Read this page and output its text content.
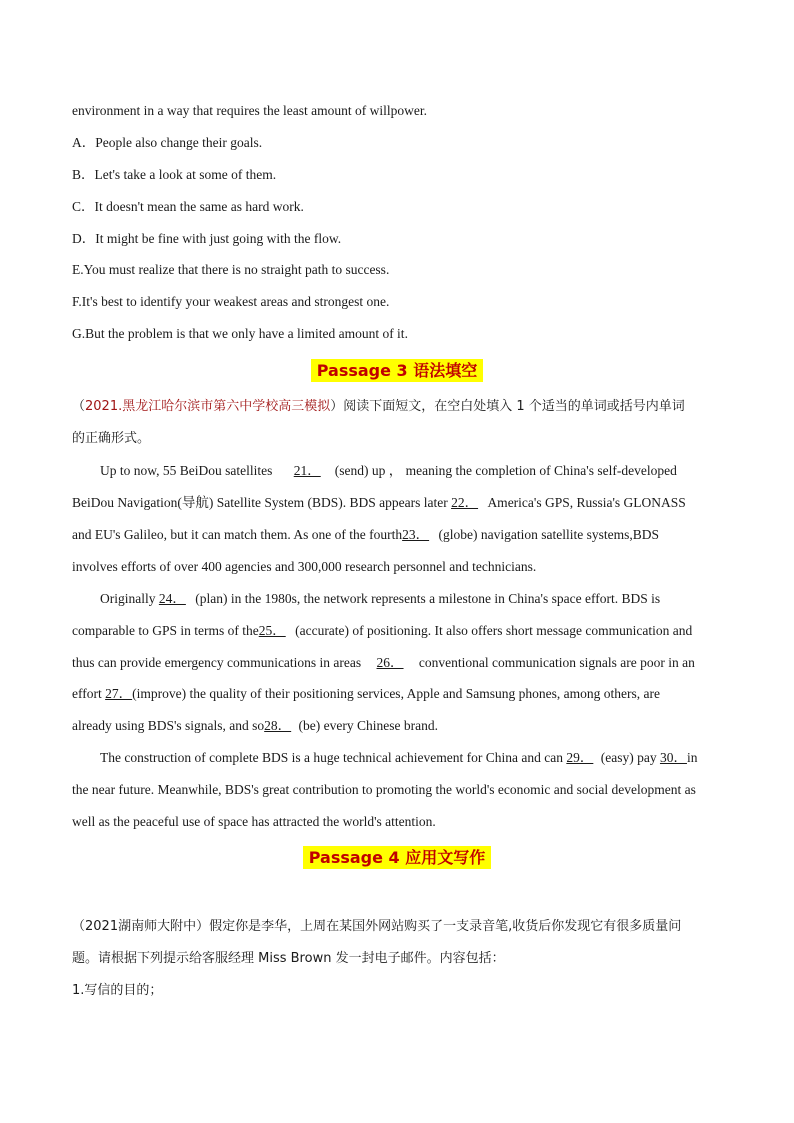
environment in a way that requires the least amount of willpower.
A．People also change their goals.
B．Let's take a look at some of them.
C．It doesn't mean the same as hard work.
D．It might be fine with just going with the flow.
E.You must realize that there is no straight path to success.
F.It's best to identify your weakest areas and strongest one.
G.But the problem is that we only have a limited amount of it.
Passage 3 语法填空
（2021.黑龙江哈尔滨市第六中学校高三模拟）阅读下面短文，在空白处填入 1 个适当的单词或括号内单词
的正确形式。
Up to now, 55 BeiDou satellites 21． (send) up ， meaning the completion of China's self-developed
BeiDou Navigation(导航) Satellite System (BDS). BDS appears later 22． America's GPS, Russia's GLONASS
and EU's Galileo, but it can match them. As one of the fourth23． (globe) navigation satellite systems,BDS
involves efforts of over 400 agencies and 300,000 research personnel and technicians.
Originally 24． (plan) in the 1980s, the network represents a milestone in China's space effort. BDS is
comparable to GPS in terms of the25． (accurate) of positioning. It also offers short message communication and
thus can provide emergency communications in areas 26． conventional communication signals are poor in an
effort 27．(improve) the quality of their positioning services, Apple and Samsung phones, among others, are
already using BDS's signals, and so28． (be) every Chinese brand.
The construction of complete BDS is a huge technical achievement for China and can 29． (easy) pay 30．in
the near future. Meanwhile, BDS's great contribution to promoting the world's economic and social development as
well as the peaceful use of space has attracted the world's attention.
Passage 4 应用文写作
（2021湖南师大附中）假定你是李华，上周在某国外网站购买了一支录音笔,收货后你发现它有很多质量问
题。请根据下列提示给客服经理 Miss Brown 发一封电子邮件。内容包括：
1.写信的目的；
